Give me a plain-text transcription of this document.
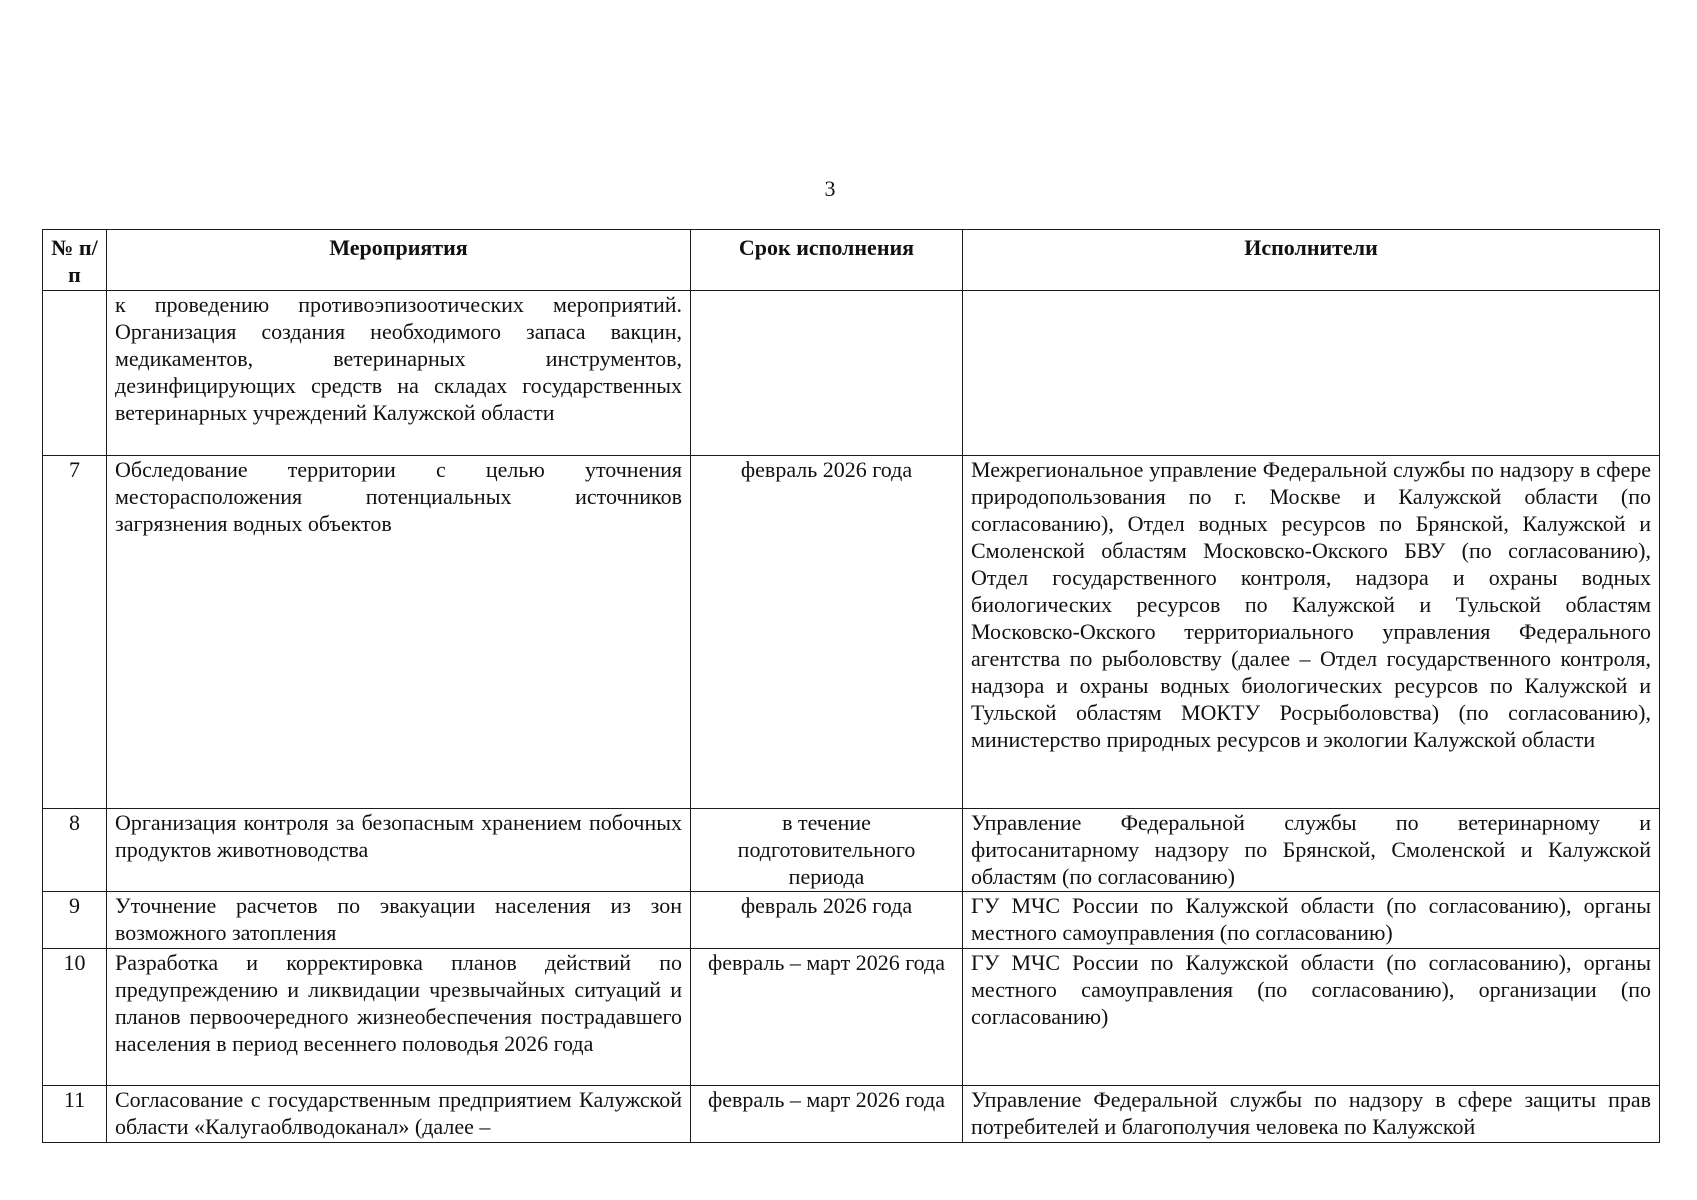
3
№ п/п	Мероприятия	Срок исполнения	Исполнители
	к проведению противоэпизоотических мероприятий. Организация создания необходимого запаса вакцин, медикаментов, ветеринарных инструментов, дезинфицирующих средств на складах государственных ветеринарных учреждений Калужской области		
7	Обследование территории с целью уточнения месторасположения потенциальных источников загрязнения водных объектов	февраль 2026 года	Межрегиональное управление Федеральной службы по надзору в сфере природопользования по г. Москве и Калужской области (по согласованию), Отдел водных ресурсов по Брянской, Калужской и Смоленской областям Московско-Окского БВУ (по согласованию), Отдел государственного контроля, надзора и охраны водных биологических ресурсов по Калужской и Тульской областям Московско-Окского территориального управления Федерального агентства по рыболовству (далее – Отдел государственного контроля, надзора и охраны водных биологических ресурсов по Калужской и Тульской областям МОКТУ Росрыболовства) (по согласованию), министерство природных ресурсов и экологии Калужской области
8	Организация контроля за безопасным хранением побочных продуктов животноводства	в течение подготовительного периода	Управление Федеральной службы по ветеринарному и фитосанитарному надзору по Брянской, Смоленской и Калужской областям (по согласованию)
9	Уточнение расчетов по эвакуации населения из зон возможного затопления	февраль 2026 года	ГУ МЧС России по Калужской области (по согласованию), органы местного самоуправления (по согласованию)
10	Разработка и корректировка планов действий по предупреждению и ликвидации чрезвычайных ситуаций и планов первоочередного жизнеобеспечения пострадавшего населения в период весеннего половодья 2026 года	февраль – март 2026 года	ГУ МЧС России по Калужской области (по согласованию), органы местного самоуправления (по согласованию), организации (по согласованию)
11	Согласование с государственным предприятием Калужской области «Калугаоблводоканал» (далее –	февраль – март 2026 года	Управление Федеральной службы по надзору в сфере защиты прав потребителей и благополучия человека по Калужской
